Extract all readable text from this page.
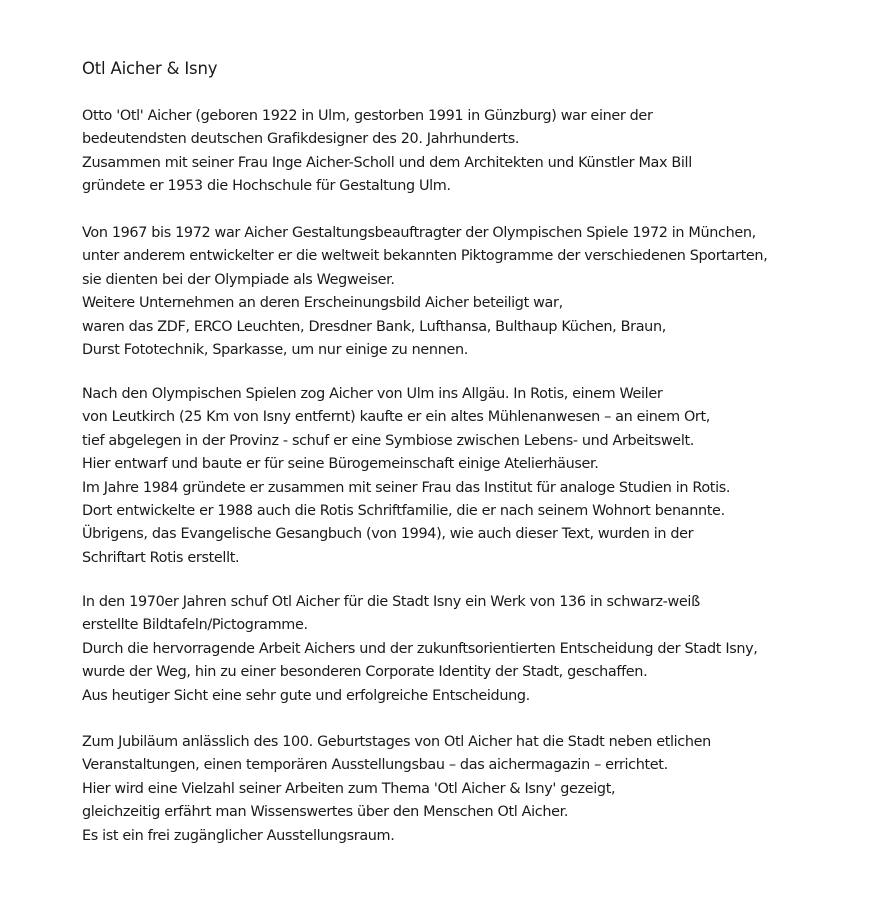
Otl Aicher & Isny
Otto 'Otl' Aicher (geboren 1922 in Ulm, gestorben 1991 in Günzburg) war einer der
bedeutendsten deutschen Grafikdesigner des 20. Jahrhunderts.
Zusammen mit seiner Frau Inge Aicher-Scholl und dem Architekten und Künstler Max Bill
gründete er 1953 die Hochschule für Gestaltung Ulm.
Von 1967 bis 1972 war Aicher Gestaltungsbeauftragter der Olympischen Spiele 1972 in München,
unter anderem entwickelter er die weltweit bekannten Piktogramme der verschiedenen Sportarten,
sie dienten bei der Olympiade als Wegweiser.
Weitere Unternehmen an deren Erscheinungsbild Aicher beteiligt war,
waren das ZDF, ERCO Leuchten, Dresdner Bank, Lufthansa, Bulthaup Küchen, Braun,
Durst Fototechnik, Sparkasse, um nur einige zu nennen.
Nach den Olympischen Spielen zog Aicher von Ulm ins Allgäu. In Rotis, einem Weiler
von Leutkirch (25 Km von Isny entfernt) kaufte er ein altes Mühlenanwesen – an einem Ort,
tief abgelegen in der Provinz - schuf er eine Symbiose zwischen Lebens- und Arbeitswelt.
Hier entwarf und baute er für seine Bürogemeinschaft einige Atelierhäuser.
Im Jahre 1984 gründete er zusammen mit seiner Frau das Institut für analoge Studien in Rotis.
Dort entwickelte er 1988 auch die Rotis Schriftfamilie, die er nach seinem Wohnort benannte.
Übrigens, das Evangelische Gesangbuch (von 1994), wie auch dieser Text, wurden in der
Schriftart Rotis erstellt.
In den 1970er Jahren schuf Otl Aicher für die Stadt Isny ein Werk von 136 in schwarz-weiß
erstellte Bildtafeln/Pictogramme.
Durch die hervorragende Arbeit Aichers und der zukunftsorientierten Entscheidung der Stadt Isny,
wurde der Weg, hin zu einer besonderen Corporate Identity der Stadt, geschaffen.
Aus heutiger Sicht eine sehr gute und erfolgreiche Entscheidung.
Zum Jubiläum anlässlich des 100. Geburtstages von Otl Aicher hat die Stadt neben etlichen
Veranstaltungen, einen temporären Ausstellungsbau – das aichermagazin – errichtet.
Hier wird eine Vielzahl seiner Arbeiten zum Thema 'Otl Aicher & Isny' gezeigt,
gleichzeitig erfährt man Wissenswertes über den Menschen Otl Aicher.
Es ist ein frei zugänglicher Ausstellungsraum.
